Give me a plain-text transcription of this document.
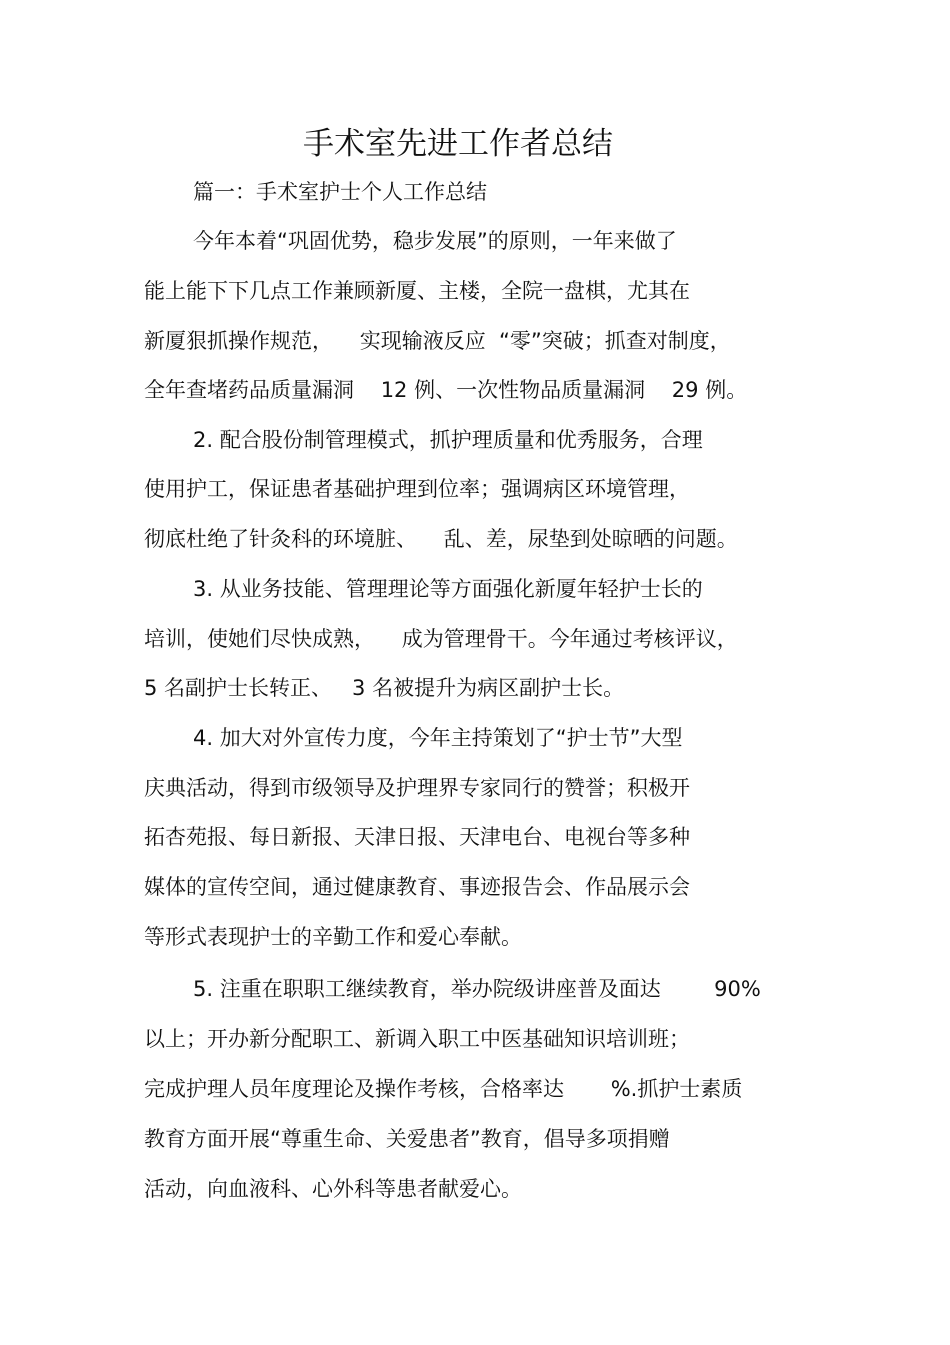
手术室先进工作者总结
篇一：手术室护士个人工作总结
今年本着“巩固优势，稳步发展”的原则，一年来做了
能上能下下几点工作兼顾新厦、主楼，全院一盘棋，尤其在
新厦狠抓操作规范，    实现输液反应  “零”突破；抓查对制度，
全年查堵药品质量漏洞    12 例、一次性物品质量漏洞    29 例。
2. 配合股份制管理模式，抓护理质量和优秀服务，合理
使用护工，保证患者基础护理到位率；强调病区环境管理，
彻底杜绝了针灸科的环境脏、    乱、差，尿垫到处晾晒的问题。
3. 从业务技能、管理理论等方面强化新厦年轻护士长的
培训，使她们尽快成熟，    成为管理骨干。今年通过考核评议，
5 名副护士长转正、   3 名被提升为病区副护士长。
4. 加大对外宣传力度，今年主持策划了“护士节”大型
庆典活动，得到市级领导及护理界专家同行的赞誉；积极开
拓杏苑报、每日新报、天津日报、天津电台、电视台等多种
媒体的宣传空间，通过健康教育、事迹报告会、作品展示会
等形式表现护士的辛勤工作和爱心奉献。
5. 注重在职职工继续教育，举办院级讲座普及面达        90%
以上；开办新分配职工、新调入职工中医基础知识培训班；
完成护理人员年度理论及操作考核，合格率达       %.抓护士素质
教育方面开展“尊重生命、关爱患者”教育，倡导多项捐赠
活动，向血液科、心外科等患者献爱心。
